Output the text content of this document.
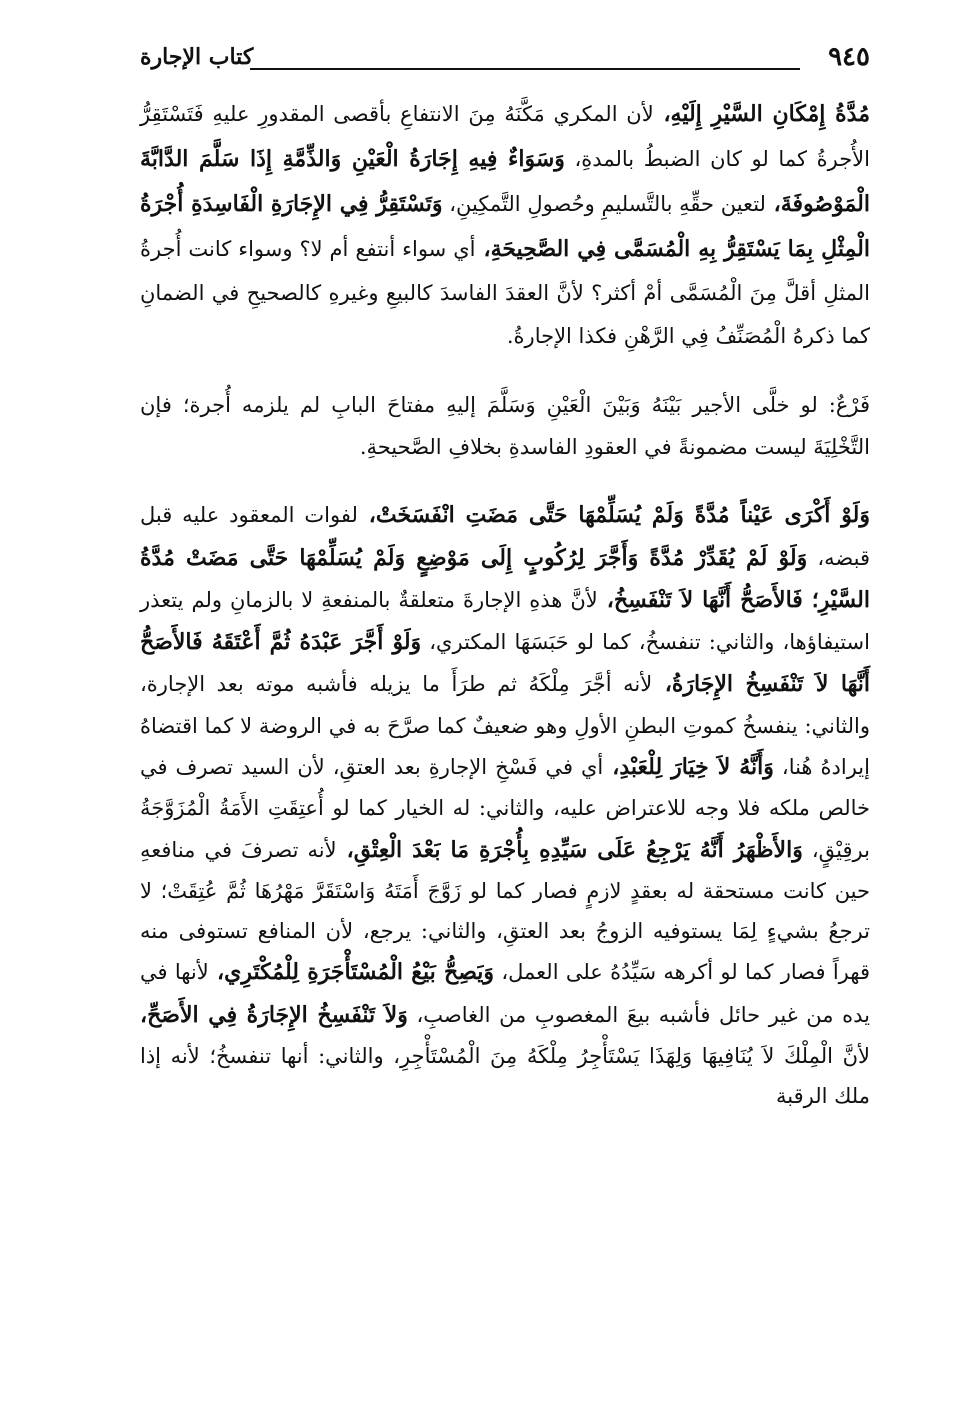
٩٤٥
كتاب الإجارة

مُدَّةُ إِمْكَانِ السَّيْرِ إِلَيْهِ، لأن المكري مَكَّنَهُ مِنَ الانتفاعِ بأقصى المقدورِ عليهِ فَتَسْتَقِرُّ الأُجرةُ كما لو كان الضبطُ بالمدةِ، وَسَوَاءٌ فِيهِ إِجَارَةُ الْعَيْنِ وَالذِّمَّةِ إِذَا سَلَّمَ الدَّابَّةَ الْمَوْصُوفَةَ، لتعين حقِّهِ بالتَّسليمِ وحُصولِ التَّمكِينِ، وَتَسْتَقِرُّ فِي الإِجَارَةِ الْفَاسِدَةِ أُجْرَةُ الْمِثْلِ بِمَا يَسْتَقِرُّ بِهِ الْمُسَمَّى فِي الصَّحِيحَةِ، أي سواء أنتفع أم لا؟ وسواء كانت أُجرةُ المثلِ أقلَّ مِنَ الْمُسَمَّى أمْ أكثر؟ لأنَّ العقدَ الفاسدَ كالبيعِ وغيرهِ كالصحيحِ في الضمانِ كما ذكرهُ الْمُصَنِّفُ فِي الرَّهْنِ فكذا الإجارةُ.

فَرْعٌ: لو خلَّى الأجير بَيْنَهُ وَبَيْنَ الْعَيْنِ وَسَلَّمَ إليهِ مفتاحَ البابِ لم يلزمه أُجرة؛ فإن التَّخْلِيَةَ ليست مضمونةً في العقودِ الفاسدةِ بخلافِ الصَّحيحةِ.

وَلَوْ أَكْرَى عَيْناً مُدَّةً وَلَمْ يُسَلِّمْهَا حَتَّى مَضَتِ انْفَسَخَتْ، لفوات المعقود عليه قبل قبضه، وَلَوْ لَمْ يُقَدِّرْ مُدَّةً وَأَجَّرَ لِرُكُوبٍ إِلَى مَوْضِعٍ وَلَمْ يُسَلِّمْهَا حَتَّى مَضَتْ مُدَّةُ السَّيْرِ؛ فَالأَصَحُّ أَنَّهَا لاَ تَنْفَسِخُ، لأنَّ هذهِ الإجارةَ متعلقةٌ بالمنفعةِ لا بالزمانِ ولم يتعذر استيفاؤها، والثاني: تنفسخُ، كما لو حَبَسَهَا المكتري، وَلَوْ أَجَّرَ عَبْدَهُ ثُمَّ أَعْتَقَهُ فَالأَصَحُّ أَنَّهَا لاَ تَنْفَسِخُ الإِجَارَةُ، لأنه أجَّرَ مِلْكَهُ ثم طرَأَ ما يزيله فأشبه موته بعد الإجارة، والثاني: ينفسخُ كموتِ البطنِ الأولِ وهو ضعيفٌ كما صرَّحَ به في الروضة لا كما اقتضاهُ إيرادهُ هُنا، وَأَنَّهُ لاَ خِيَارَ لِلْعَبْدِ، أي في فَسْخِ الإجارةِ بعد العتقِ، لأن السيد تصرف في خالص ملكه فلا وجه للاعتراض عليه، والثاني: له الخيار كما لو أُعتِقَتِ الأَمَةُ الْمُزَوَّجَةُ برقِيْقٍ، وَالأَظْهَرُ أَنَّهُ يَرْجِعُ عَلَى سَيِّدِهِ بِأُجْرَةِ مَا بَعْدَ الْعِتْقِ، لأنه تصرفَ في منافعهِ حين كانت مستحقة له بعقدٍ لازمٍ فصار كما لو زَوَّجَ أَمَتَهُ وَاسْتَقَرَّ مَهْرُهَا ثُمَّ عُتِقَتْ؛ لا ترجعُ بشيءٍ لِمَا يستوفيه الزوجُ بعد العتقِ، والثاني: يرجع، لأن المنافع تستوفى منه قهراً فصار كما لو أكرهه سَيِّدُهُ على العمل، وَيَصِحُّ بَيْعُ الْمُسْتَأْجَرَةِ لِلْمُكْتَرِي، لأنها في يده من غير حائل فأشبه بيعَ المغصوبِ من الغاصبِ، وَلاَ تَنْفَسِخُ الإِجَارَةُ فِي الأَصَحِّ، لأنَّ الْمِلْكَ لاَ يُنَافِيهَا وَلِهَذَا يَسْتَأْجِرُ مِلْكَهُ مِنَ الْمُسْتَأْجِرِ، والثاني: أنها تنفسخُ؛ لأنه إذا ملك الرقبة
